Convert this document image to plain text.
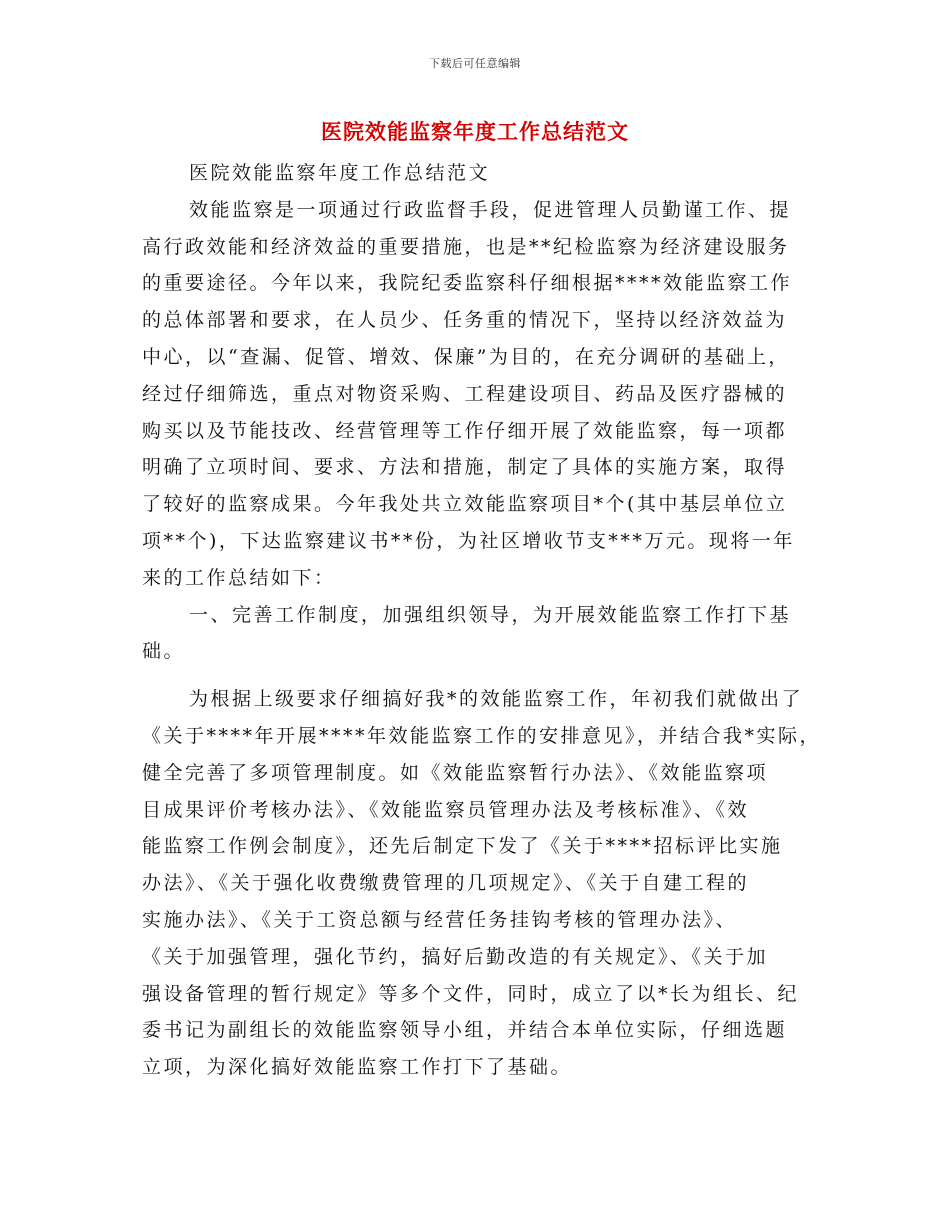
下载后可任意编辑
医院效能监察年度工作总结范文
医院效能监察年度工作总结范文
效能监察是一项通过行政监督手段，促进管理人员勤谨工作、提
高行政效能和经济效益的重要措施，也是**纪检监察为经济建设服务
的重要途径。今年以来，我院纪委监察科仔细根据****效能监察工作
的总体部署和要求，在人员少、任务重的情况下，坚持以经济效益为
中心，以“查漏、促管、增效、保廉”为目的，在充分调研的基础上，
经过仔细筛选，重点对物资采购、工程建设项目、药品及医疗器械的
购买以及节能技改、经营管理等工作仔细开展了效能监察，每一项都
明确了立项时间、要求、方法和措施，制定了具体的实施方案，取得
了较好的监察成果。今年我处共立效能监察项目*个(其中基层单位立
项**个)，下达监察建议书**份，为社区增收节支***万元。现将一年
来的工作总结如下：
一、完善工作制度，加强组织领导，为开展效能监察工作打下基
础。
为根据上级要求仔细搞好我*的效能监察工作，年初我们就做出了
《关于****年开展****年效能监察工作的安排意见》，并结合我*实际，
健全完善了多项管理制度。如《效能监察暂行办法》、《效能监察项
目成果评价考核办法》、《效能监察员管理办法及考核标准》、《效
能监察工作例会制度》，还先后制定下发了《关于****招标评比实施
办法》、《关于强化收费缴费管理的几项规定》、《关于自建工程的
实施办法》、《关于工资总额与经营任务挂钩考核的管理办法》、
《关于加强管理，强化节约，搞好后勤改造的有关规定》、《关于加
强设备管理的暂行规定》等多个文件，同时，成立了以*长为组长、纪
委书记为副组长的效能监察领导小组，并结合本单位实际，仔细选题
立项，为深化搞好效能监察工作打下了基础。
